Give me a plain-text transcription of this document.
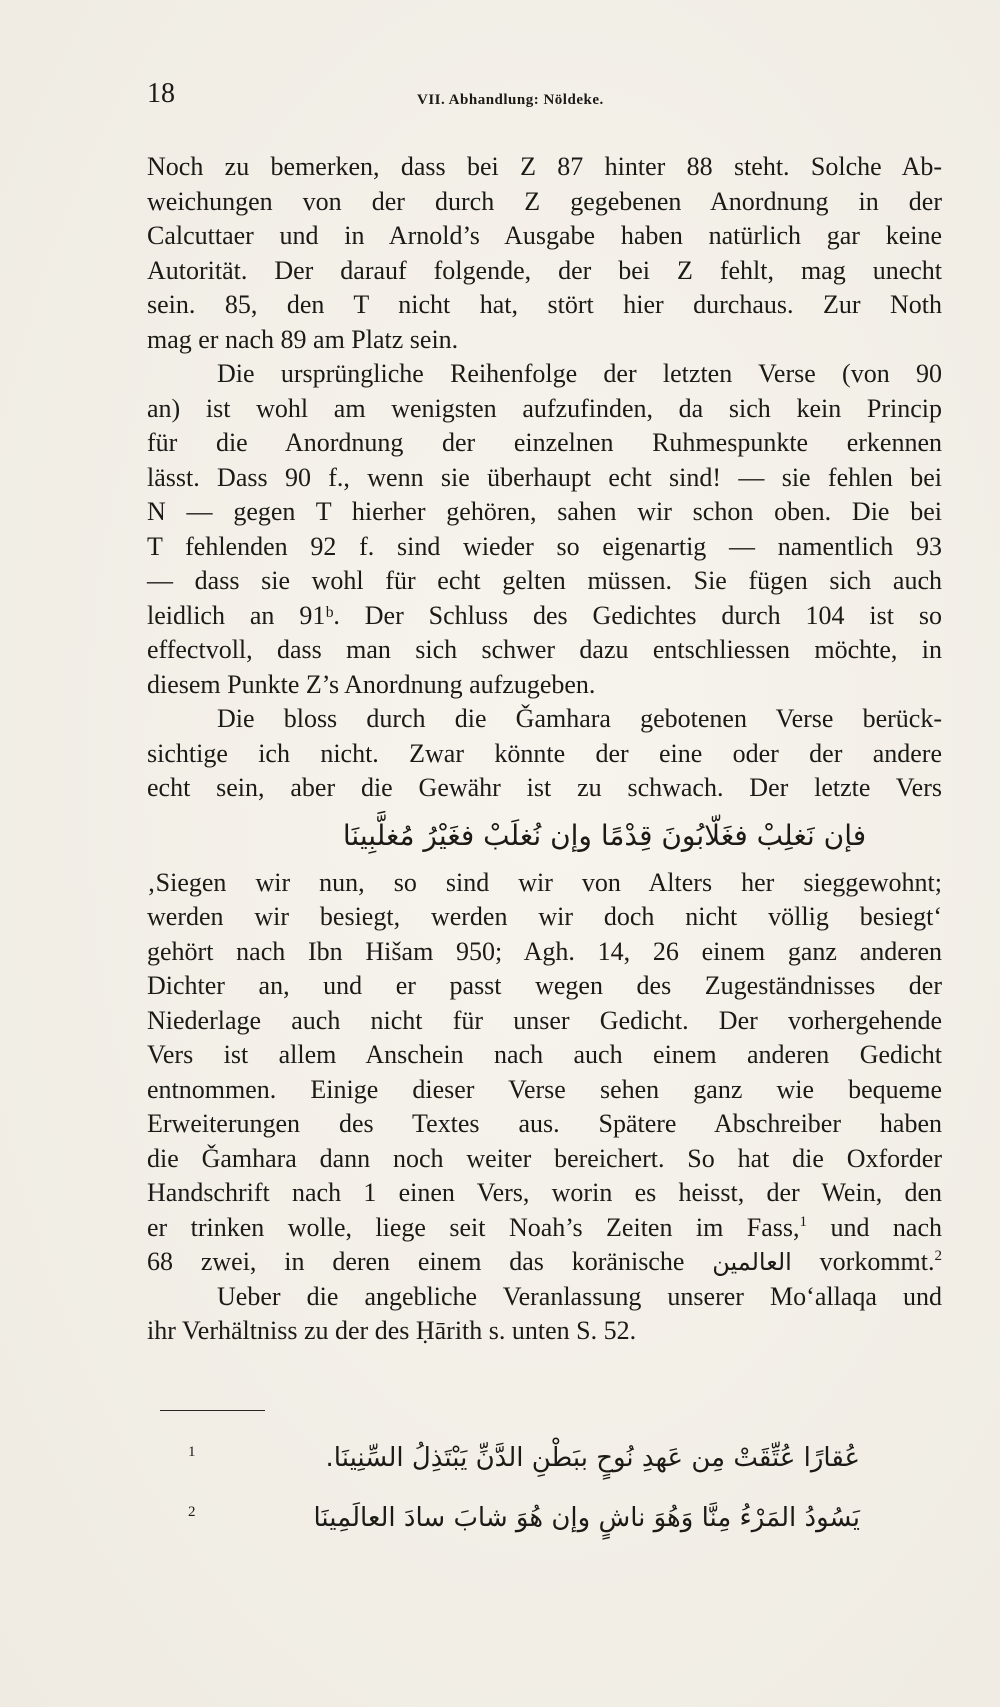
18	VII. Abhandlung: Nöldeke.
Noch zu bemerken, dass bei Z 87 hinter 88 steht. Solche Ab-
weichungen von der durch Z gegebenen Anordnung in der
Calcuttaer und in Arnold’s Ausgabe haben natürlich gar keine
Autorität. Der darauf folgende, der bei Z fehlt, mag unecht
sein. 85, den T nicht hat, stört hier durchaus. Zur Noth
mag er nach 89 am Platz sein.
Die ursprüngliche Reihenfolge der letzten Verse (von 90
an) ist wohl am wenigsten aufzufinden, da sich kein Princip
für die Anordnung der einzelnen Ruhmespunkte erkennen
lässt. Dass 90 f., wenn sie überhaupt echt sind! — sie fehlen bei
N — gegen T hierher gehören, sahen wir schon oben. Die bei
T fehlenden 92 f. sind wieder so eigenartig — namentlich 93
— dass sie wohl für echt gelten müssen. Sie fügen sich auch
leidlich an 91ᵇ. Der Schluss des Gedichtes durch 104 ist so
effectvoll, dass man sich schwer dazu entschliessen möchte, in
diesem Punkte Z’s Anordnung aufzugeben.
Die bloss durch die Ǧamhara gebotenen Verse berück-
sichtige ich nicht. Zwar könnte der eine oder der andere
echt sein, aber die Gewähr ist zu schwach. Der letzte Vers
فإن نَغلِبْ فغَلّابُونَ قِدْمًا وإن نُغلَبْ فغَيْرُ مُغلَّبِينَا
‚Siegen wir nun, so sind wir von Alters her sieggewohnt;
werden wir besiegt, werden wir doch nicht völlig besiegt‘
gehört nach Ibn Hišam 950; Agh. 14, 26 einem ganz anderen
Dichter an, und er passt wegen des Zugeständnisses der
Niederlage auch nicht für unser Gedicht. Der vorhergehende
Vers ist allem Anschein nach auch einem anderen Gedicht
entnommen. Einige dieser Verse sehen ganz wie bequeme
Erweiterungen des Textes aus. Spätere Abschreiber haben
die Ǧamhara dann noch weiter bereichert. So hat die Oxforder
Handschrift nach 1 einen Vers, worin es heisst, der Wein, den
er trinken wolle, liege seit Noah’s Zeiten im Fass,$^1$ und nach
68 zwei, in deren einem das koränische العالمين vorkommt.$^2$
Ueber die angebliche Veranlassung unserer Mo‘allaqa und
ihr Verhältniss zu der des Ḥārith s. unten S. 52.
1	عُقارًا عُتِّقَتْ مِن عَهدِ نُوحٍ ببَطْنِ الدَّنِّ يَبْتَذِلُ السِّنِينَا.
2	يَسُودُ المَرْءُ مِنَّا وَهُوَ ناشٍ وإن هُوَ شابَ سادَ العالَمِينَا
